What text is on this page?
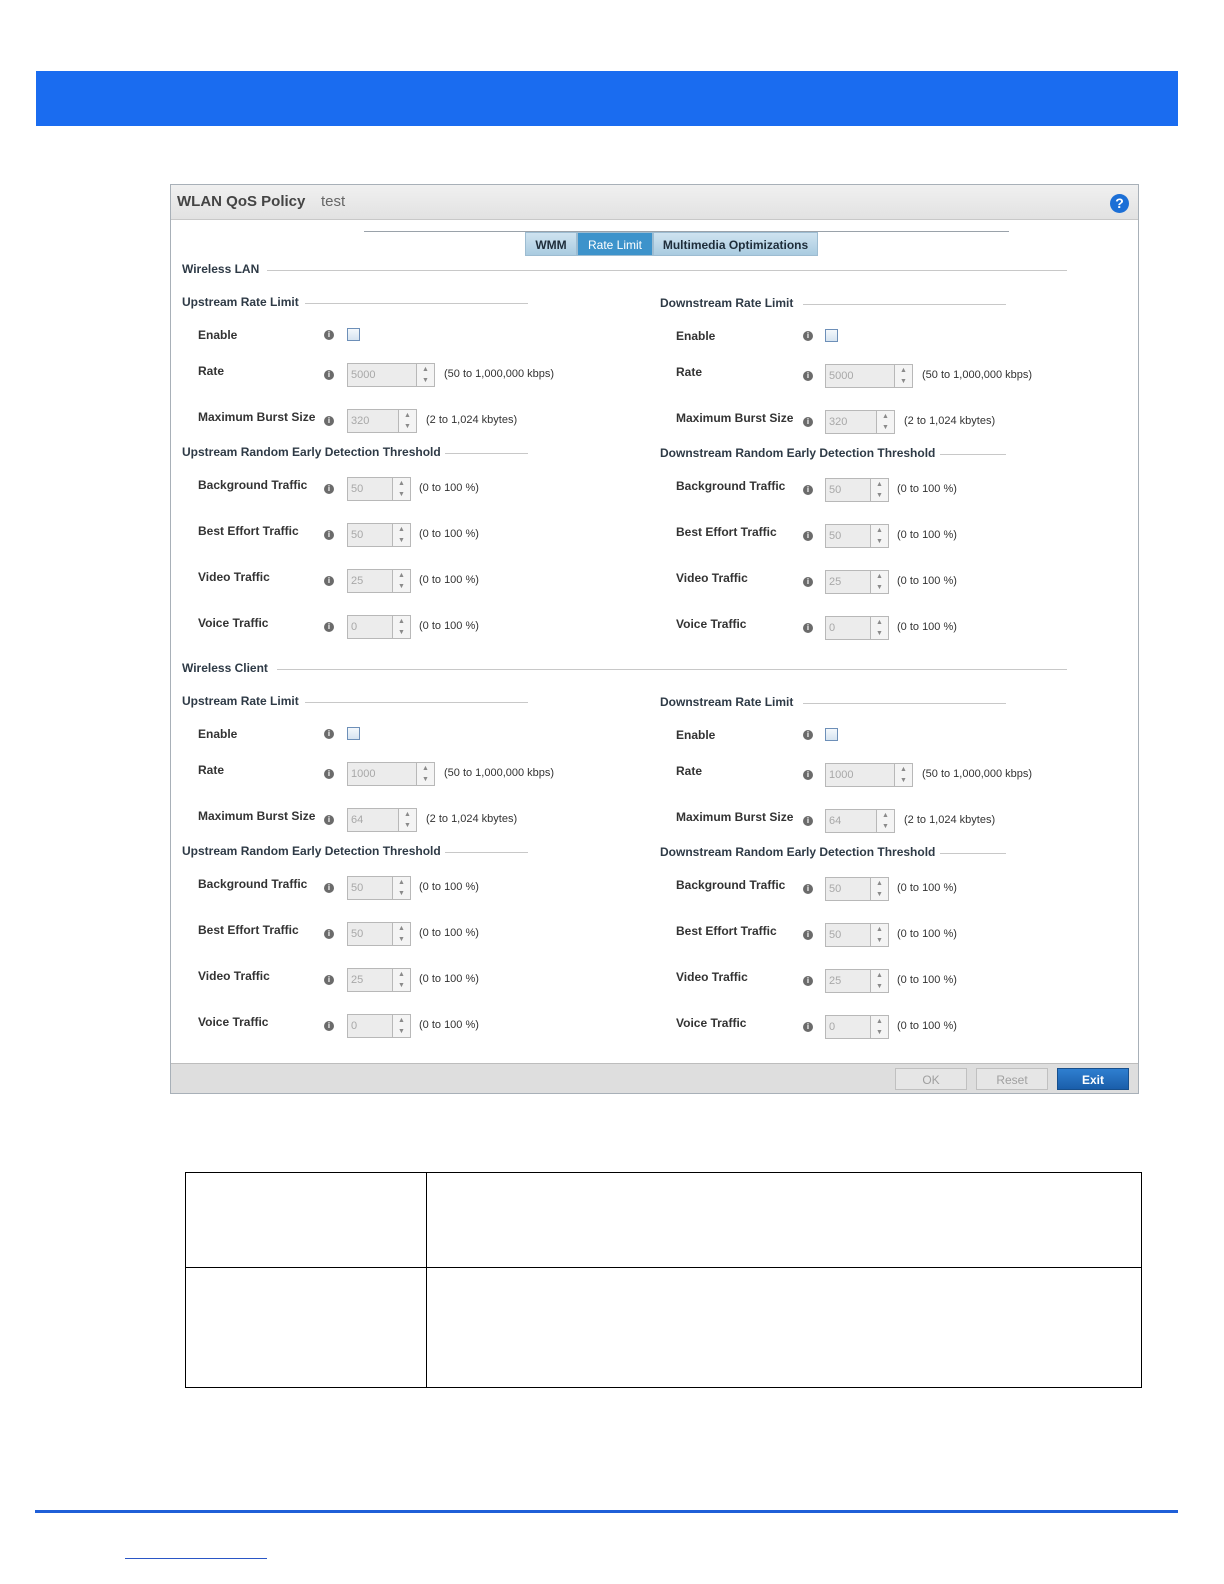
WLAN QoS Policy test	?
WMM	Rate Limit	Multimedia Optimizations
Wireless LAN
Upstream Rate Limit
Enable	i
Rate	i	5000	▲
▼
(50 to 1,000,000 kbps)
Maximum Burst Size	i	320	▲
▼
(2 to 1,024 kbytes)
Upstream Random Early Detection Threshold
Background Traffic	i	50	▲
▼
(0 to 100 %)
Best Effort Traffic	i	50	▲
▼
(0 to 100 %)
Video Traffic	i	25	▲
▼
(0 to 100 %)
Voice Traffic	i	0	▲
▼
(0 to 100 %)
Downstream Rate Limit
Enable	i
Rate	i	5000	▲
▼
(50 to 1,000,000 kbps)
Maximum Burst Size	i	320	▲
▼
(2 to 1,024 kbytes)
Downstream Random Early Detection Threshold
Background Traffic	i	50	▲
▼
(0 to 100 %)
Best Effort Traffic	i	50	▲
▼
(0 to 100 %)
Video Traffic	i	25	▲
▼
(0 to 100 %)
Voice Traffic	i	0	▲
▼
(0 to 100 %)
Wireless Client
Upstream Rate Limit
Enable	i
Rate	i	1000	▲
▼
(50 to 1,000,000 kbps)
Maximum Burst Size	i	64	▲
▼
(2 to 1,024 kbytes)
Upstream Random Early Detection Threshold
Background Traffic	i	50	▲
▼
(0 to 100 %)
Best Effort Traffic	i	50	▲
▼
(0 to 100 %)
Video Traffic	i	25	▲
▼
(0 to 100 %)
Voice Traffic	i	0	▲
▼
(0 to 100 %)
Downstream Rate Limit
Enable	i
Rate	i	1000	▲
▼
(50 to 1,000,000 kbps)
Maximum Burst Size	i	64	▲
▼
(2 to 1,024 kbytes)
Downstream Random Early Detection Threshold
Background Traffic	i	50	▲
▼
(0 to 100 %)
Best Effort Traffic	i	50	▲
▼
(0 to 100 %)
Video Traffic	i	25	▲
▼
(0 to 100 %)
Voice Traffic	i	0	▲
▼
(0 to 100 %)
OK	Reset	Exit
